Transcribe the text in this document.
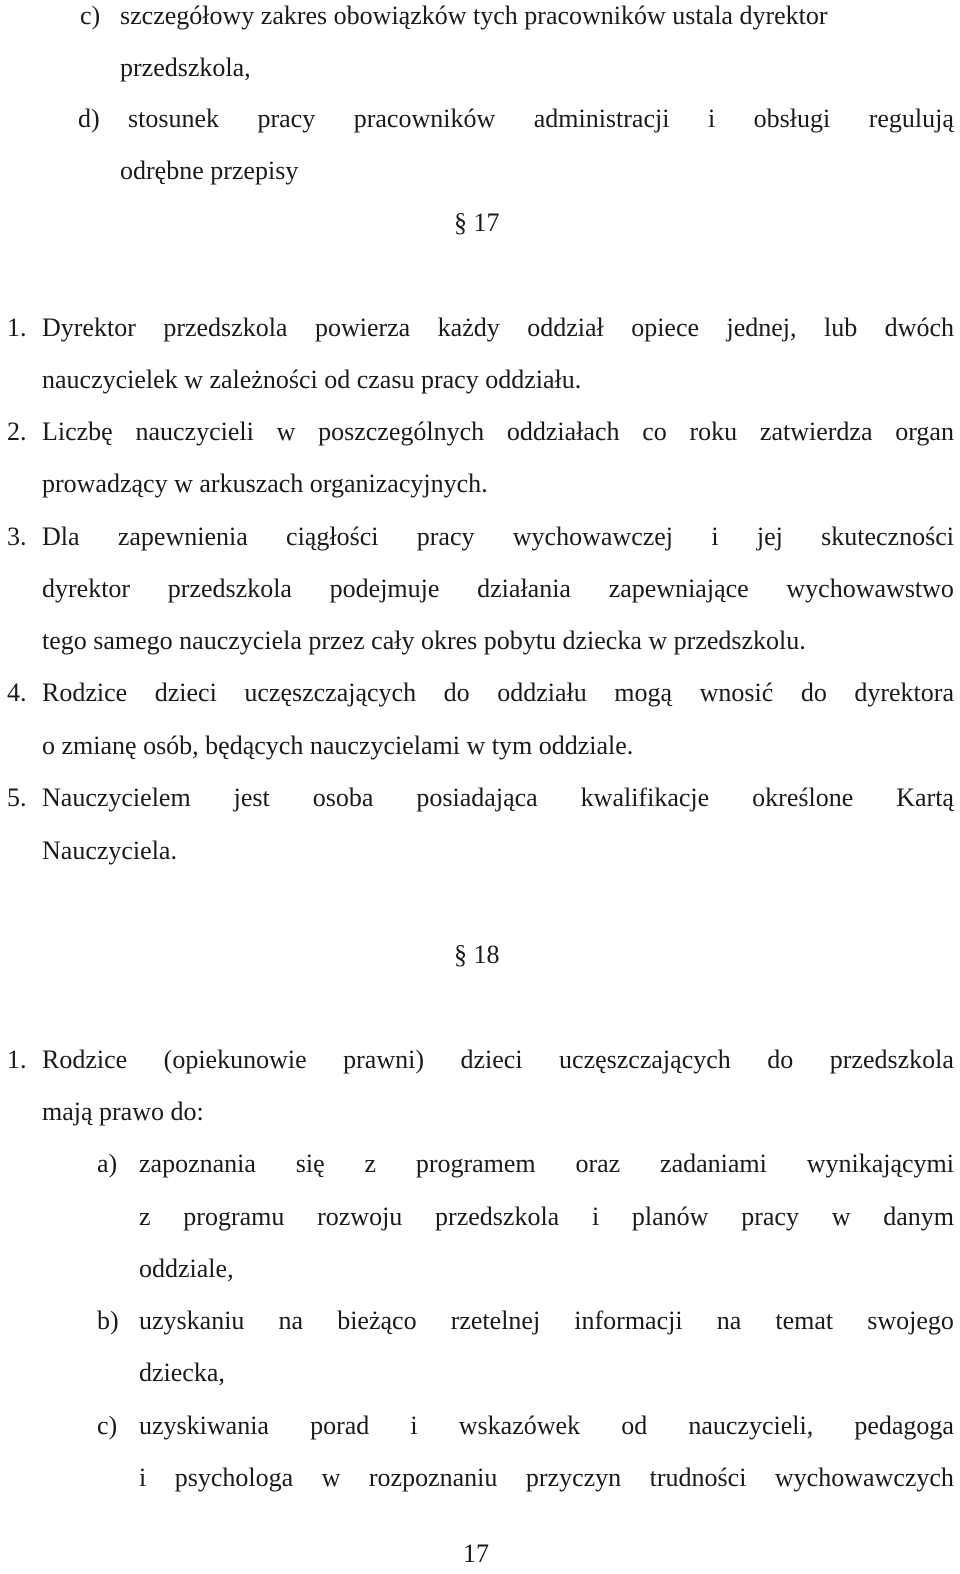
c) szczegółowy zakres obowiązków tych pracowników ustala dyrektor
przedszkola,
d) stosunek pracy pracowników administracji i obsługi regulują
odrębne przepisy
§ 17
1. Dyrektor przedszkola powierza każdy oddział opiece jednej, lub dwóch
nauczycielek w zależności od czasu pracy oddziału.
2. Liczbę nauczycieli w poszczególnych oddziałach co roku zatwierdza organ
prowadzący w arkuszach organizacyjnych.
3. Dla zapewnienia ciągłości pracy wychowawczej i jej skuteczności
dyrektor przedszkola podejmuje działania zapewniające wychowawstwo
tego samego nauczyciela przez cały okres pobytu dziecka w przedszkolu.
4. Rodzice dzieci uczęszczających do oddziału mogą wnosić do dyrektora
o zmianę osób, będących nauczycielami w tym oddziale.
5. Nauczycielem jest osoba posiadająca kwalifikacje określone Kartą
Nauczyciela.
§ 18
1. Rodzice (opiekunowie prawni) dzieci uczęszczających do przedszkola
mają prawo do:
a) zapoznania się z programem oraz zadaniami wynikającymi
z programu rozwoju przedszkola i planów pracy w danym
oddziale,
b) uzyskaniu na bieżąco rzetelnej informacji na temat swojego
dziecka,
c) uzyskiwania porad i wskazówek od nauczycieli, pedagoga
i psychologa w rozpoznaniu przyczyn trudności wychowawczych
17
